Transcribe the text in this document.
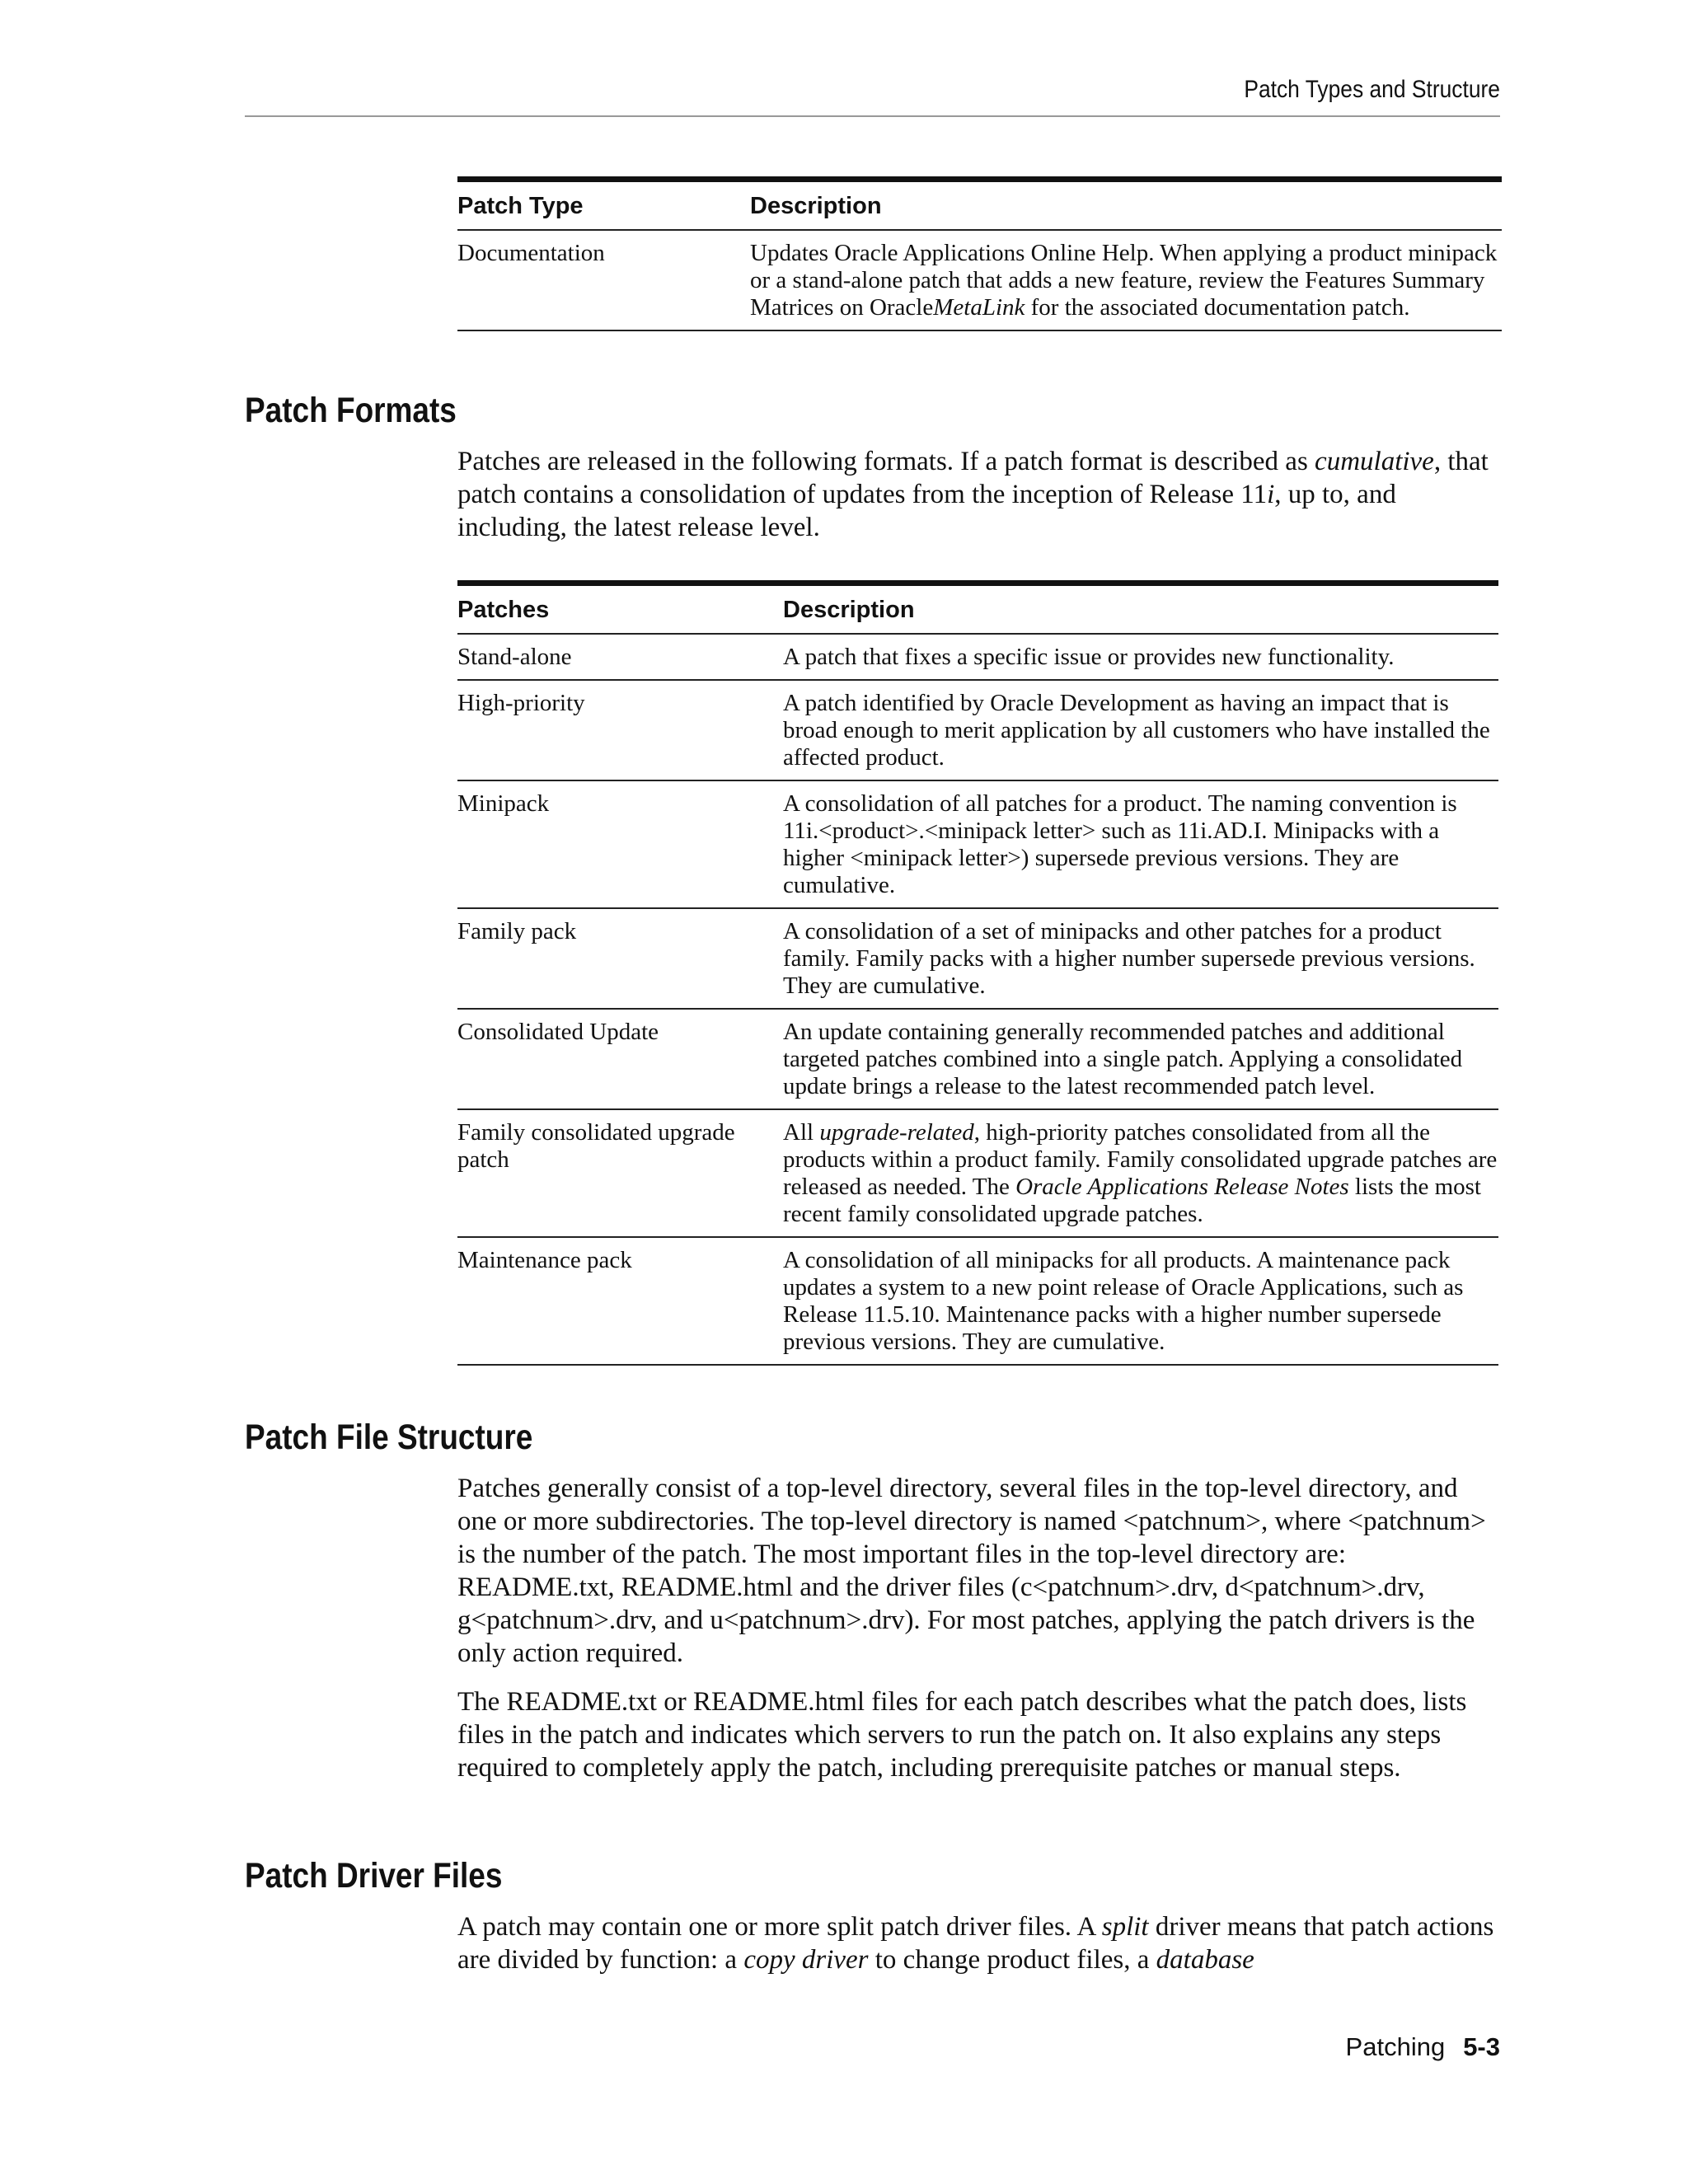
Patch Types and Structure
Patch Type	Description
Documentation	Updates Oracle Applications Online Help. When applying a product minipack or a stand-alone patch that adds a new feature, review the Features Summary Matrices on OracleMetaLink for the associated documentation patch.
Patch Formats

Patches are released in the following formats. If a patch format is described as cumulative, that patch contains a consolidation of updates from the inception of Release 11i, up to, and including, the latest release level.

Patches	Description
Stand-alone	A patch that fixes a specific issue or provides new functionality.
High-priority	A patch identified by Oracle Development as having an impact that is broad enough to merit application by all customers who have installed the affected product.
Minipack	A consolidation of all patches for a product. The naming convention is 11i.<product>.<minipack letter> such as 11i.AD.I. Minipacks with a higher <minipack letter>) supersede previous versions. They are cumulative.
Family pack	A consolidation of a set of minipacks and other patches for a product family. Family packs with a higher number supersede previous versions. They are cumulative.
Consolidated Update	An update containing generally recommended patches and additional targeted patches combined into a single patch. Applying a consolidated update brings a release to the latest recommended patch level.
Family consolidated upgrade patch	All upgrade-related, high-priority patches consolidated from all the products within a product family. Family consolidated upgrade patches are released as needed. The Oracle Applications Release Notes lists the most recent family consolidated upgrade patches.
Maintenance pack	A consolidation of all minipacks for all products. A maintenance pack updates a system to a new point release of Oracle Applications, such as Release 11.5.10. Maintenance packs with a higher number supersede previous versions. They are cumulative.
Patch File Structure

Patches generally consist of a top-level directory, several files in the top-level directory, and one or more subdirectories. The top-level directory is named <patchnum>, where <patchnum> is the number of the patch. The most important files in the top-level directory are: README.txt, README.html and the driver files (c<patchnum>.drv, d<patchnum>.drv, g<patchnum>.drv, and u<patchnum>.drv). For most patches, applying the patch drivers is the only action required.

The README.txt or README.html files for each patch describes what the patch does, lists files in the patch and indicates which servers to run the patch on. It also explains any steps required to completely apply the patch, including prerequisite patches or manual steps.

Patch Driver Files

A patch may contain one or more split patch driver files. A split driver means that patch actions are divided by function: a copy driver to change product files, a database

Patching 5-3
